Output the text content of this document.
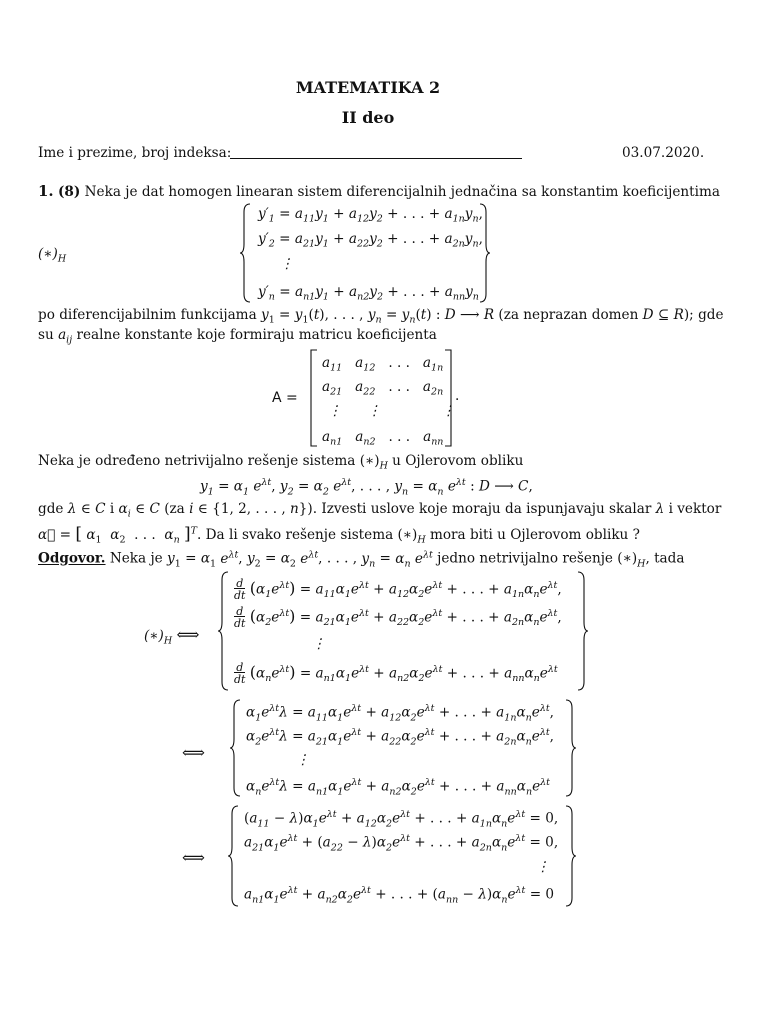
MATEMATIKA 2
II deo
Ime i prezime, broj indeksa:	03.07.2020.
1. (8) Neka je dat homogen linearan sistem diferencijalnih jednačina sa konstantim koeficijentima
$(∗)_H$
$y'_1 = a_{11}y_1 + a_{12}y_2$ + . . . + $a_{1n}y_n$,
$y'_2 = a_{21}y_1 + a_{22}y_2$ + . . . + $a_{2n}y_n$,
⋮
$y'_n = a_{n1}y_1 + a_{n2}y_2$ + . . . + $a_{nn}y_n$
po diferencijabilnim funkcijama $y_1 = y_1(t)$, . . . , $y_n = y_n(t)$ : D ⟶ R (za neprazan domen D ⊆ R); gde
su $a_{ij}$ realne konstante koje formiraju matricu koeficijenta
A =
$a_{11}$   $a_{12}$ . . .   $a_{1n}$
$a_{21}$   $a_{22}$ . . .   $a_{2n}$
⋮      ⋮              ⋮
$a_{n1}$   $a_{n2}$ . . .   $a_{nn}$
.
Neka je određeno netrivijalno rešenje sistema $(∗)_H$ u Ojlerovom obliku
$y_1 = \alpha_1$ $e^{\lambda t}$, $y_2 = \alpha_2$ $e^{\lambda t}$, . . . , $y_n = \alpha_n$ $e^{\lambda t}$ : D ⟶ C,
gde λ ∈ C i $\alpha_i$ ∈ C (za i ∈ {1, 2, . . . , n}). Izvesti uslove koje moraju da ispunjavaju skalar λ i vektor
α⃗ = [ $\alpha_1$ $\alpha_2$  . . .  $\alpha_n$ ]$^T$. Da li svako rešenje sistema $(∗)_H$ mora biti u Ojlerovom obliku ?
Odgovor. Neka je $y_1 = \alpha_1$ $e^{\lambda t}$, $y_2 = \alpha_2$ $e^{\lambda t}$, . . . , $y_n = \alpha_n$ $e^{\lambda t}$ jedno netrivijalno rešenje $(∗)_H$, tada
$(∗)_H$ ⟺
d
dt $(\alpha_1e^{\lambda t}) = a_{11}\alpha_1e^{\lambda t} + a_{12}\alpha_2e^{\lambda t}$ + . . . + $a_{1n}\alpha_ne^{\lambda t}$,
d
dt $(\alpha_2e^{\lambda t}) = a_{21}\alpha_1e^{\lambda t} + a_{22}\alpha_2e^{\lambda t}$ + . . . + $a_{2n}\alpha_ne^{\lambda t}$,
⋮
d
dt $(\alpha_ne^{\lambda t}) = a_{n1}\alpha_1e^{\lambda t} + a_{n2}\alpha_2e^{\lambda t}$ + . . . + $a_{nn}\alpha_ne^{\lambda t}$
⟺
$\alpha_1e^{\lambda t}\lambda = a_{11}\alpha_1e^{\lambda t} + a_{12}\alpha_2e^{\lambda t}$ + . . . + $a_{1n}\alpha_ne^{\lambda t}$,
$\alpha_2e^{\lambda t}\lambda = a_{21}\alpha_1e^{\lambda t} + a_{22}\alpha_2e^{\lambda t}$ + . . . + $a_{2n}\alpha_ne^{\lambda t}$,
⋮
$\alpha_ne^{\lambda t}\lambda = a_{n1}\alpha_1e^{\lambda t} + a_{n2}\alpha_2e^{\lambda t}$ + . . . + $a_{nn}\alpha_ne^{\lambda t}$
⟺
$(a_{11} - \lambda)\alpha_1e^{\lambda t} + a_{12}\alpha_2e^{\lambda t}$ + . . . + $a_{1n}\alpha_ne^{\lambda t} = 0$,
$a_{21}\alpha_1e^{\lambda t} + (a_{22} - \lambda)\alpha_2e^{\lambda t}$ + . . . + $a_{2n}\alpha_ne^{\lambda t} = 0$,
⋮
$a_{n1}\alpha_1e^{\lambda t} + a_{n2}\alpha_2e^{\lambda t}$ + . . . + $(a_{nn} - \lambda)\alpha_ne^{\lambda t} = 0$
